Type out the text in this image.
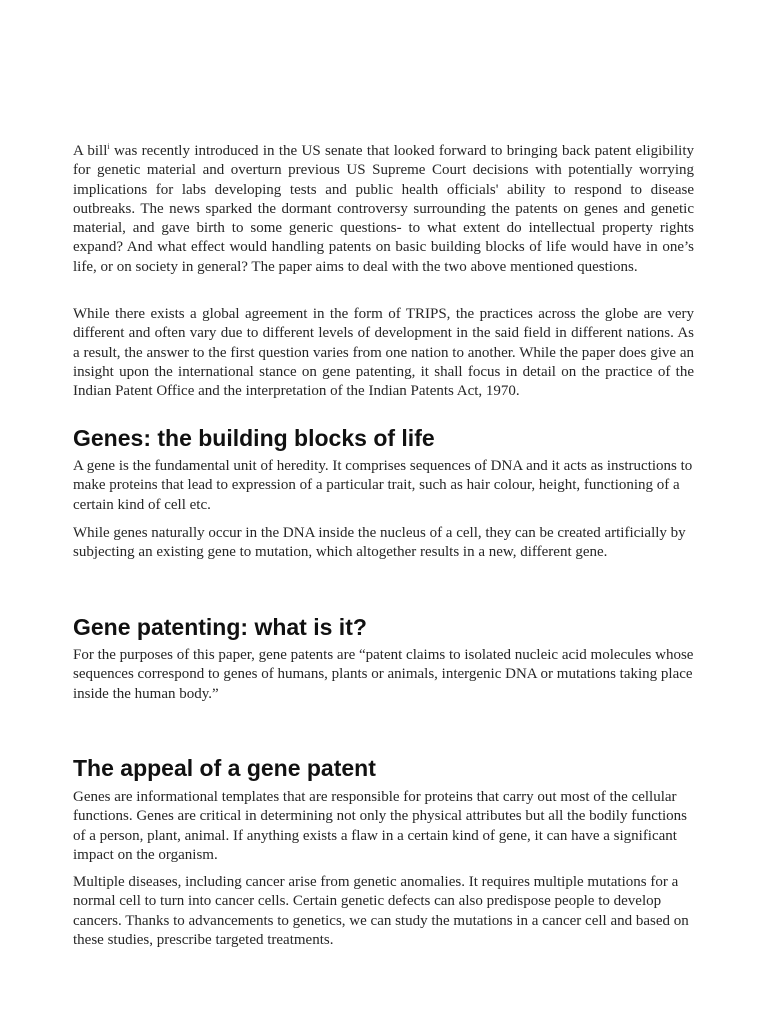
A bill$^i$ was recently introduced in the US senate that looked forward to bringing back patent eligibility for genetic material and overturn previous US Supreme Court decisions with potentially worrying implications for labs developing tests and public health officials' ability to respond to disease outbreaks. The news sparked the dormant controversy surrounding the patents on genes and genetic material, and gave birth to some generic questions- to what extent do intellectual property rights expand? And what effect would handling patents on basic building blocks of life would have in one’s life, or on society in general? The paper aims to deal with the two above mentioned questions.

While there exists a global agreement in the form of TRIPS, the practices across the globe are very different and often vary due to different levels of development in the said field in different nations. As a result, the answer to the first question varies from one nation to another. While the paper does give an insight upon the international stance on gene patenting, it shall focus in detail on the practice of the Indian Patent Office and the interpretation of the Indian Patents Act, 1970.

Genes: the building blocks of life

A gene is the fundamental unit of heredity. It comprises sequences of DNA and it acts as instructions to make proteins that lead to expression of a particular trait, such as hair colour, height, functioning of a certain kind of cell etc.

While genes naturally occur in the DNA inside the nucleus of a cell, they can be created artificially by subjecting an existing gene to mutation, which altogether results in a new, different gene.

Gene patenting: what is it?

For the purposes of this paper, gene patents are “patent claims to isolated nucleic acid molecules whose sequences correspond to genes of humans, plants or animals, intergenic DNA or mutations taking place inside the human body.”

The appeal of a gene patent

Genes are informational templates that are responsible for proteins that carry out most of the cellular functions. Genes are critical in determining not only the physical attributes but all the bodily functions of a person, plant, animal. If anything exists a flaw in a certain kind of gene, it can have a significant impact on the organism.

Multiple diseases, including cancer arise from genetic anomalies. It requires multiple mutations for a normal cell to turn into cancer cells. Certain genetic defects can also predispose people to develop cancers. Thanks to advancements to genetics, we can study the mutations in a cancer cell and based on these studies, prescribe targeted treatments.
